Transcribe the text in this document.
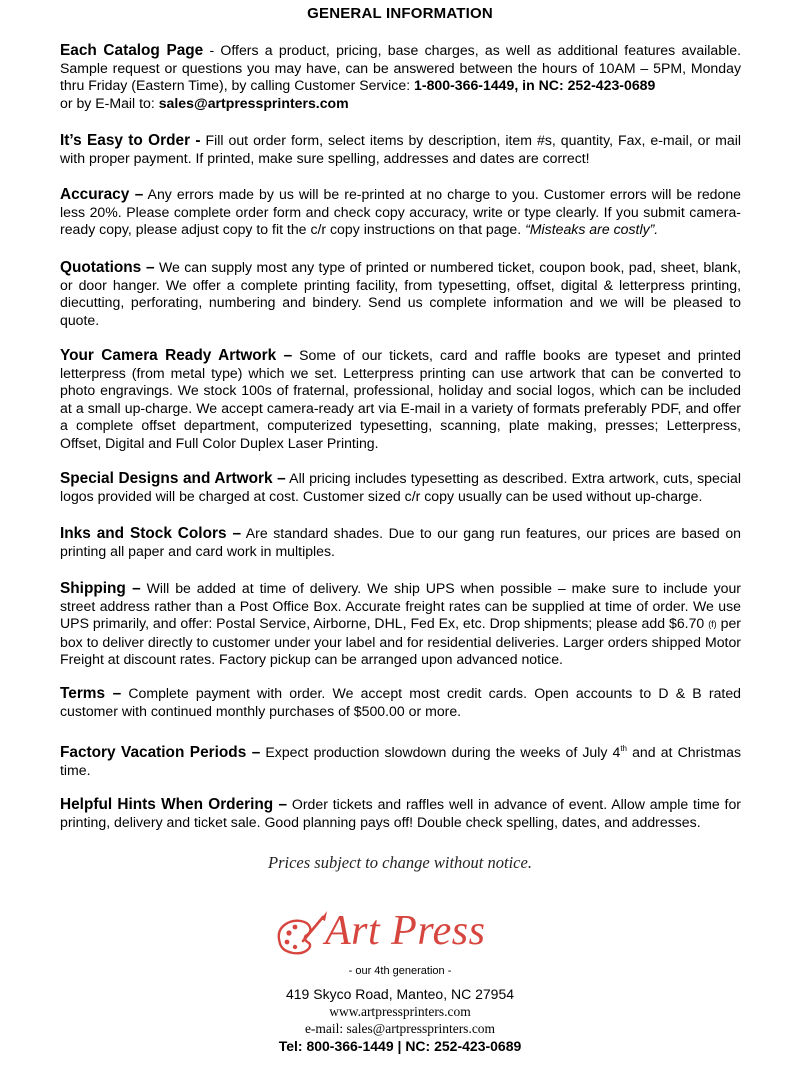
GENERAL INFORMATION

Each Catalog Page - Offers a product, pricing, base charges, as well as additional features available. Sample request or questions you may have, can be answered between the hours of 10AM – 5PM, Monday thru Friday (Eastern Time), by calling Customer Service: 1-800-366-1449, in NC: 252-423-0689
or by E-Mail to: sales@artpressprinters.com

It’s Easy to Order - Fill out order form, select items by description, item #s, quantity, Fax, e-mail, or mail with proper payment. If printed, make sure spelling, addresses and dates are correct!

Accuracy – Any errors made by us will be re-printed at no charge to you. Customer errors will be redone less 20%. Please complete order form and check copy accuracy, write or type clearly. If you submit camera-ready copy, please adjust copy to fit the c/r copy instructions on that page. “Misteaks are costly”.

Quotations – We can supply most any type of printed or numbered ticket, coupon book, pad, sheet, blank, or door hanger. We offer a complete printing facility, from typesetting, offset, digital & letterpress printing, diecutting, perforating, numbering and bindery. Send us complete information and we will be pleased to quote.

Your Camera Ready Artwork – Some of our tickets, card and raffle books are typeset and printed letterpress (from metal type) which we set. Letterpress printing can use artwork that can be converted to photo engravings. We stock 100s of fraternal, professional, holiday and social logos, which can be included at a small up-charge. We accept camera-ready art via E-mail in a variety of formats preferably PDF, and offer a complete offset department, computerized typesetting, scanning, plate making, presses; Letterpress, Offset, Digital and Full Color Duplex Laser Printing.

Special Designs and Artwork – All pricing includes typesetting as described. Extra artwork, cuts, special logos provided will be charged at cost. Customer sized c/r copy usually can be used without up-charge.

Inks and Stock Colors – Are standard shades. Due to our gang run features, our prices are based on printing all paper and card work in multiples.

Shipping – Will be added at time of delivery. We ship UPS when possible – make sure to include your street address rather than a Post Office Box. Accurate freight rates can be supplied at time of order. We use UPS primarily, and offer: Postal Service, Airborne, DHL, Fed Ex, etc. Drop shipments; please add $6.70 (f) per box to deliver directly to customer under your label and for residential deliveries. Larger orders shipped Motor Freight at discount rates. Factory pickup can be arranged upon advanced notice.

Terms – Complete payment with order. We accept most credit cards. Open accounts to D & B rated customer with continued monthly purchases of $500.00 or more.

Factory Vacation Periods – Expect production slowdown during the weeks of July 4th and at Christmas time.

Helpful Hints When Ordering – Order tickets and raffles well in advance of event. Allow ample time for printing, delivery and ticket sale. Good planning pays off! Double check spelling, dates, and addresses.

Prices subject to change without notice.
Art Press
- our 4th generation -
419 Skyco Road, Manteo, NC 27954
www.artpressprinters.com
e-mail: sales@artpressprinters.com
Tel: 800-366-1449 | NC: 252-423-0689
